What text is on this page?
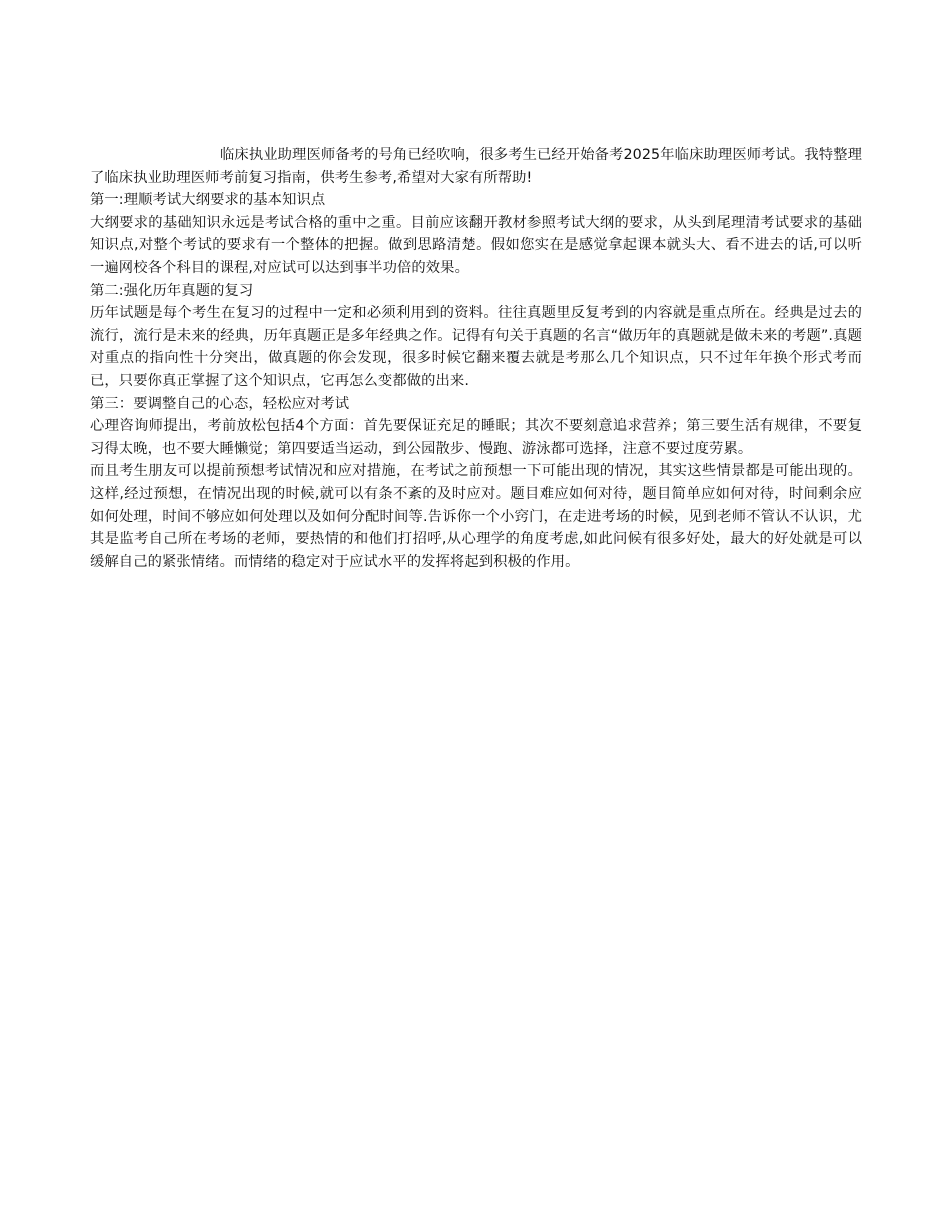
临床执业助理医师备考的号角已经吹响，很多考生已经开始备考2025年临床助理医师考试。我特整理了临床执业助理医师考前复习指南，供考生参考,希望对大家有所帮助!

第一:理顺考试大纲要求的基本知识点

大纲要求的基础知识永远是考试合格的重中之重。目前应该翻开教材参照考试大纲的要求，从头到尾理清考试要求的基础知识点,对整个考试的要求有一个整体的把握。做到思路清楚。假如您实在是感觉拿起课本就头大、看不进去的话,可以听一遍网校各个科目的课程,对应试可以达到事半功倍的效果。

第二:强化历年真题的复习

历年试题是每个考生在复习的过程中一定和必须利用到的资料。往往真题里反复考到的内容就是重点所在。经典是过去的流行，流行是未来的经典，历年真题正是多年经典之作。记得有句关于真题的名言“做历年的真题就是做未来的考题”.真题对重点的指向性十分突出，做真题的你会发现，很多时候它翻来覆去就是考那么几个知识点，只不过年年换个形式考而已，只要你真正掌握了这个知识点，它再怎么变都做的出来.

第三：要调整自己的心态，轻松应对考试

心理咨询师提出，考前放松包括4个方面：首先要保证充足的睡眠；其次不要刻意追求营养；第三要生活有规律，不要复习得太晚，也不要大睡懒觉；第四要适当运动，到公园散步、慢跑、游泳都可选择，注意不要过度劳累。

而且考生朋友可以提前预想考试情况和应对措施，在考试之前预想一下可能出现的情况，其实这些情景都是可能出现的。这样,经过预想，在情况出现的时候,就可以有条不紊的及时应对。题目难应如何对待，题目简单应如何对待，时间剩余应如何处理，时间不够应如何处理以及如何分配时间等.告诉你一个小窍门，在走进考场的时候，见到老师不管认不认识，尤其是监考自己所在考场的老师，要热情的和他们打招呼,从心理学的角度考虑,如此问候有很多好处，最大的好处就是可以缓解自己的紧张情绪。而情绪的稳定对于应试水平的发挥将起到积极的作用。
